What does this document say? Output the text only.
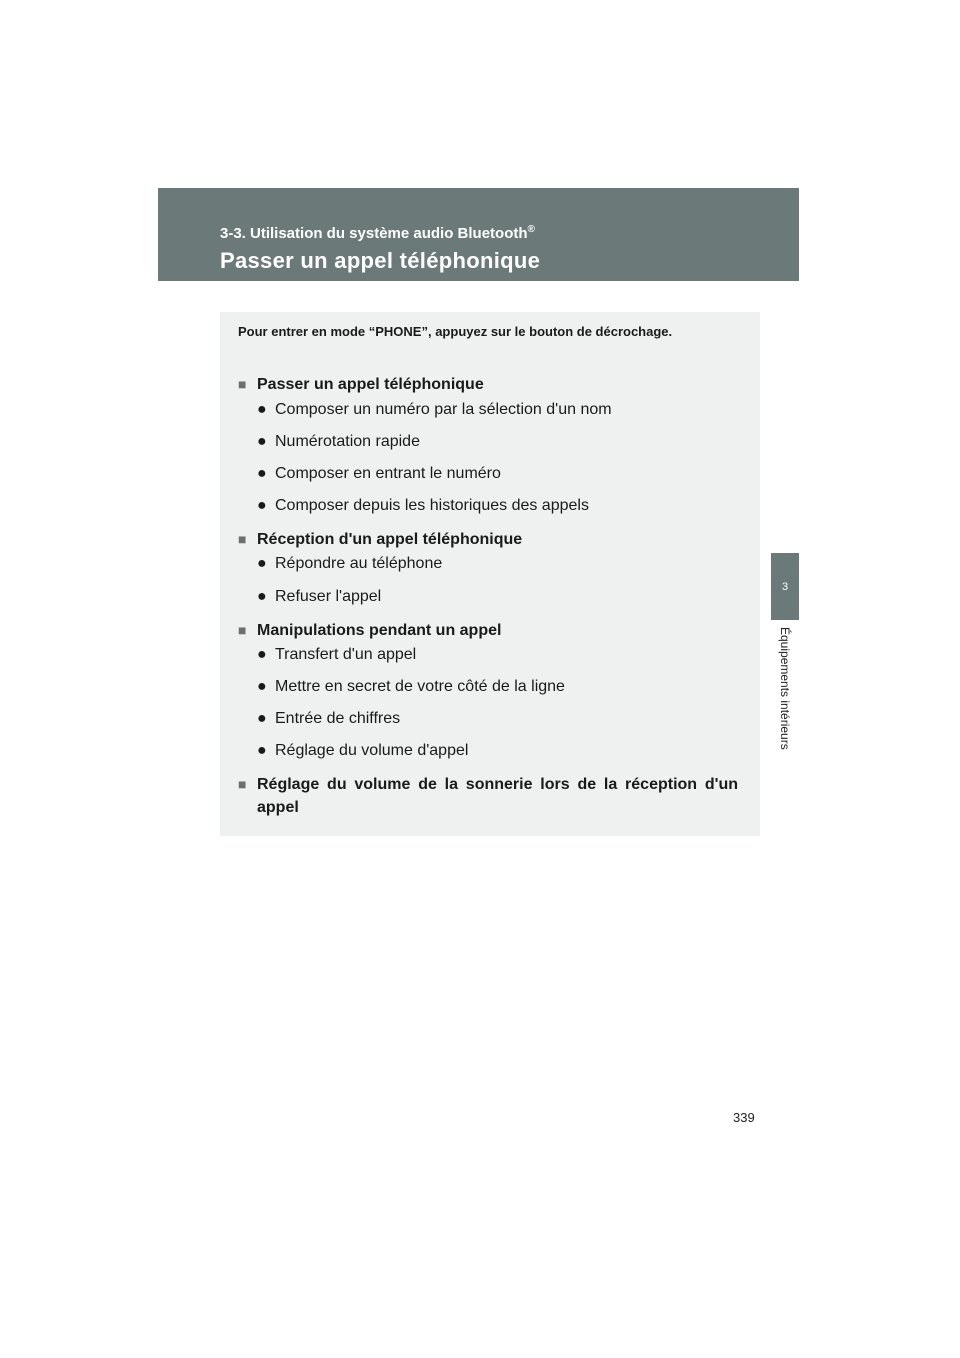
3-3. Utilisation du système audio Bluetooth®
Passer un appel téléphonique
3
Équipements intérieurs

Pour entrer en mode “PHONE”, appuyez sur le bouton de décrochage.

■ Passer un appel téléphonique
● Composer un numéro par la sélection d'un nom
● Numérotation rapide
● Composer en entrant le numéro
● Composer depuis les historiques des appels
■ Réception d'un appel téléphonique
● Répondre au téléphone
● Refuser l'appel
■ Manipulations pendant un appel
● Transfert d'un appel
● Mettre en secret de votre côté de la ligne
● Entrée de chiffres
● Réglage du volume d'appel
■ Réglage du volume de la sonnerie lors de la réception d'un appel
339
